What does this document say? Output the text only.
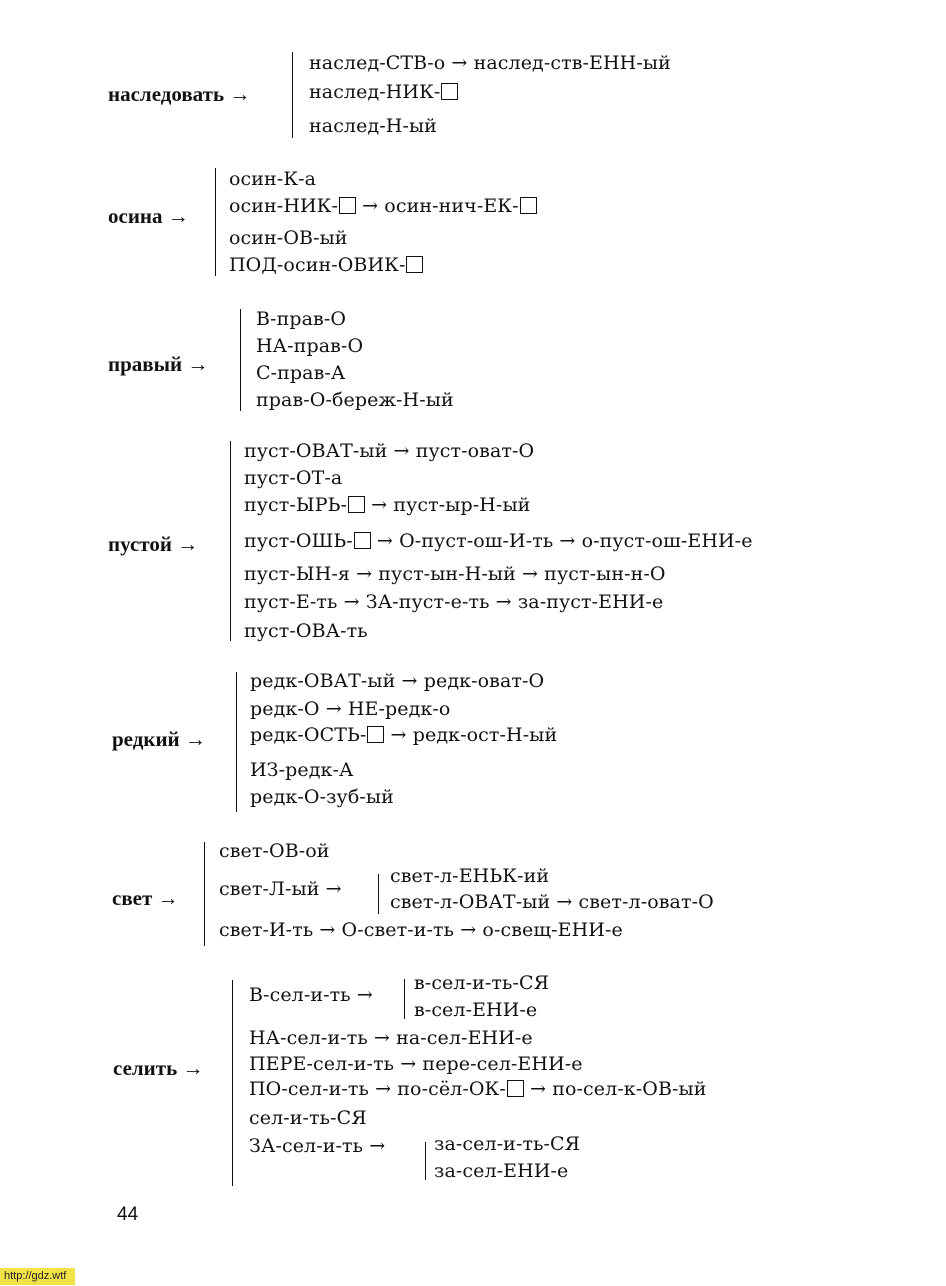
наследовать →
наслед-СТВ-о → наслед-ств-ЕНН-ый
наслед-НИК-
наслед-Н-ый
осина →
осин-К-а
осин-НИК- → осин-нич-ЕК-
осин-ОВ-ый
ПОД-осин-ОВИК-
правый →
В-прав-О
НА-прав-О
С-прав-А
прав-О-береж-Н-ый
пустой →
пуст-ОВАТ-ый → пуст-оват-О
пуст-ОТ-а
пуст-ЫРЬ- → пуст-ыр-Н-ый
пуст-ОШЬ- → О-пуст-ош-И-ть → о-пуст-ош-ЕНИ-е
пуст-ЫН-я → пуст-ын-Н-ый → пуст-ын-н-О
пуст-Е-ть → ЗА-пуст-е-ть → за-пуст-ЕНИ-е
пуст-ОВА-ть
редкий →
редк-ОВАТ-ый → редк-оват-О
редк-О → НЕ-редк-о
редк-ОСТЬ- → редк-ост-Н-ый
ИЗ-редк-А
редк-О-зуб-ый
свет →
свет-ОВ-ой
свет-Л-ый →
свет-л-ЕНЬК-ий
свет-л-ОВАТ-ый → свет-л-оват-О
свет-И-ть → О-свет-и-ть → о-свещ-ЕНИ-е
селить →
В-сел-и-ть →
в-сел-и-ть-СЯ
в-сел-ЕНИ-е
НА-сел-и-ть → на-сел-ЕНИ-е
ПЕРЕ-сел-и-ть → пере-сел-ЕНИ-е
ПО-сел-и-ть → по-сёл-ОК- → по-сел-к-ОВ-ый
сел-и-ть-СЯ
ЗА-сел-и-ть →	за-сел-и-ть-СЯ
за-сел-ЕНИ-е
44
http://gdz.wtf
